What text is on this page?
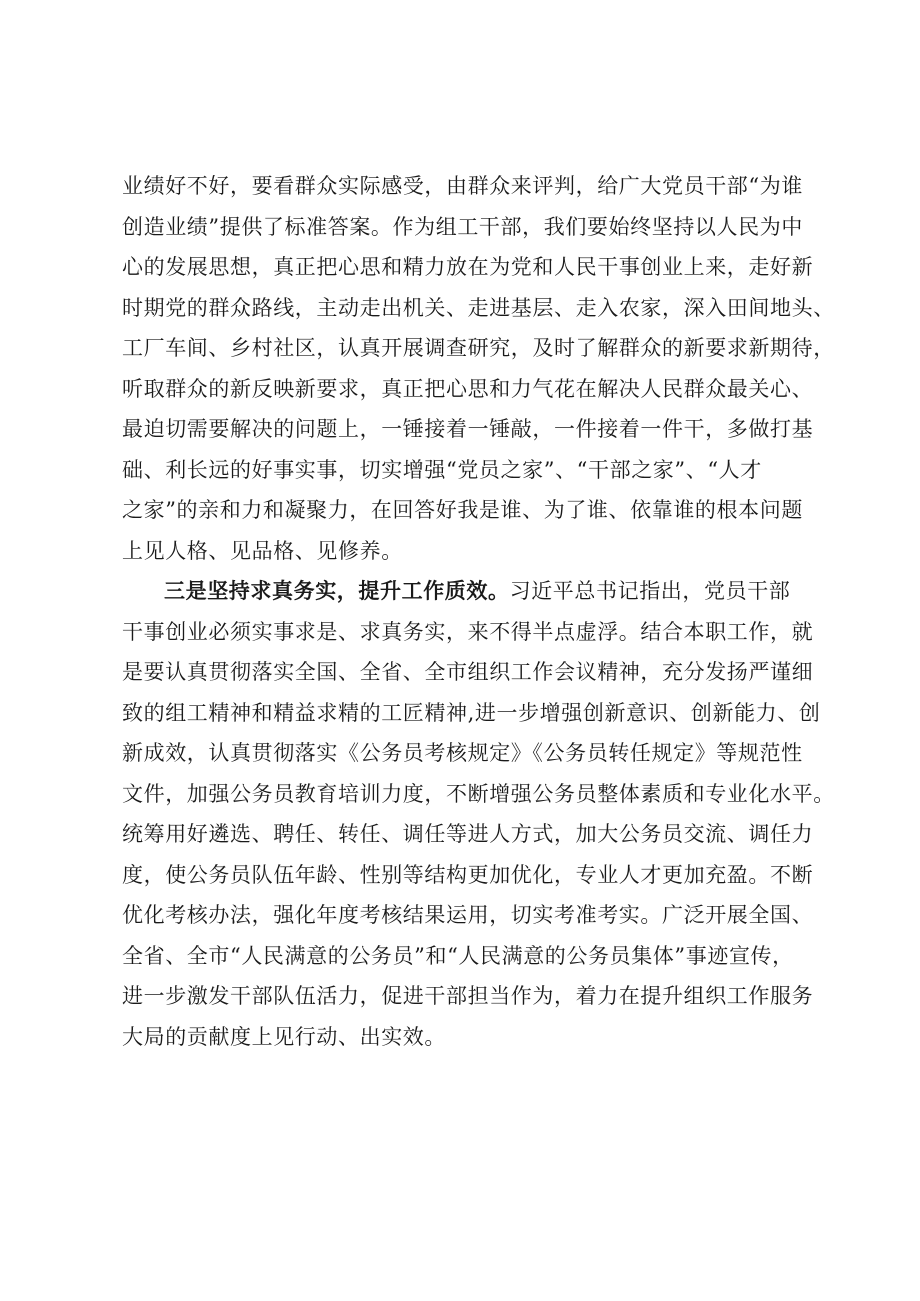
业绩好不好，要看群众实际感受，由群众来评判，给广大党员干部“为谁
创造业绩”提供了标准答案。作为组工干部，我们要始终坚持以人民为中
心的发展思想，真正把心思和精力放在为党和人民干事创业上来，走好新
时期党的群众路线，主动走出机关、走进基层、走入农家，深入田间地头、
工厂车间、乡村社区，认真开展调查研究，及时了解群众的新要求新期待，
听取群众的新反映新要求，真正把心思和力气花在解决人民群众最关心、
最迫切需要解决的问题上，一锤接着一锤敲，一件接着一件干，多做打基
础、利长远的好事实事，切实增强“党员之家”、“干部之家”、“人才
之家”的亲和力和凝聚力，在回答好我是谁、为了谁、依靠谁的根本问题
上见人格、见品格、见修养。
三是坚持求真务实，提升工作质效。习近平总书记指出，党员干部
干事创业必须实事求是、求真务实，来不得半点虚浮。结合本职工作，就
是要认真贯彻落实全国、全省、全市组织工作会议精神，充分发扬严谨细
致的组工精神和精益求精的工匠精神,进一步增强创新意识、创新能力、创
新成效，认真贯彻落实《公务员考核规定》《公务员转任规定》等规范性
文件，加强公务员教育培训力度，不断增强公务员整体素质和专业化水平。
统筹用好遴选、聘任、转任、调任等进人方式，加大公务员交流、调任力
度，使公务员队伍年龄、性别等结构更加优化，专业人才更加充盈。不断
优化考核办法，强化年度考核结果运用，切实考准考实。广泛开展全国、
全省、全市“人民满意的公务员”和“人民满意的公务员集体”事迹宣传，
进一步激发干部队伍活力，促进干部担当作为，着力在提升组织工作服务
大局的贡献度上见行动、出实效。
